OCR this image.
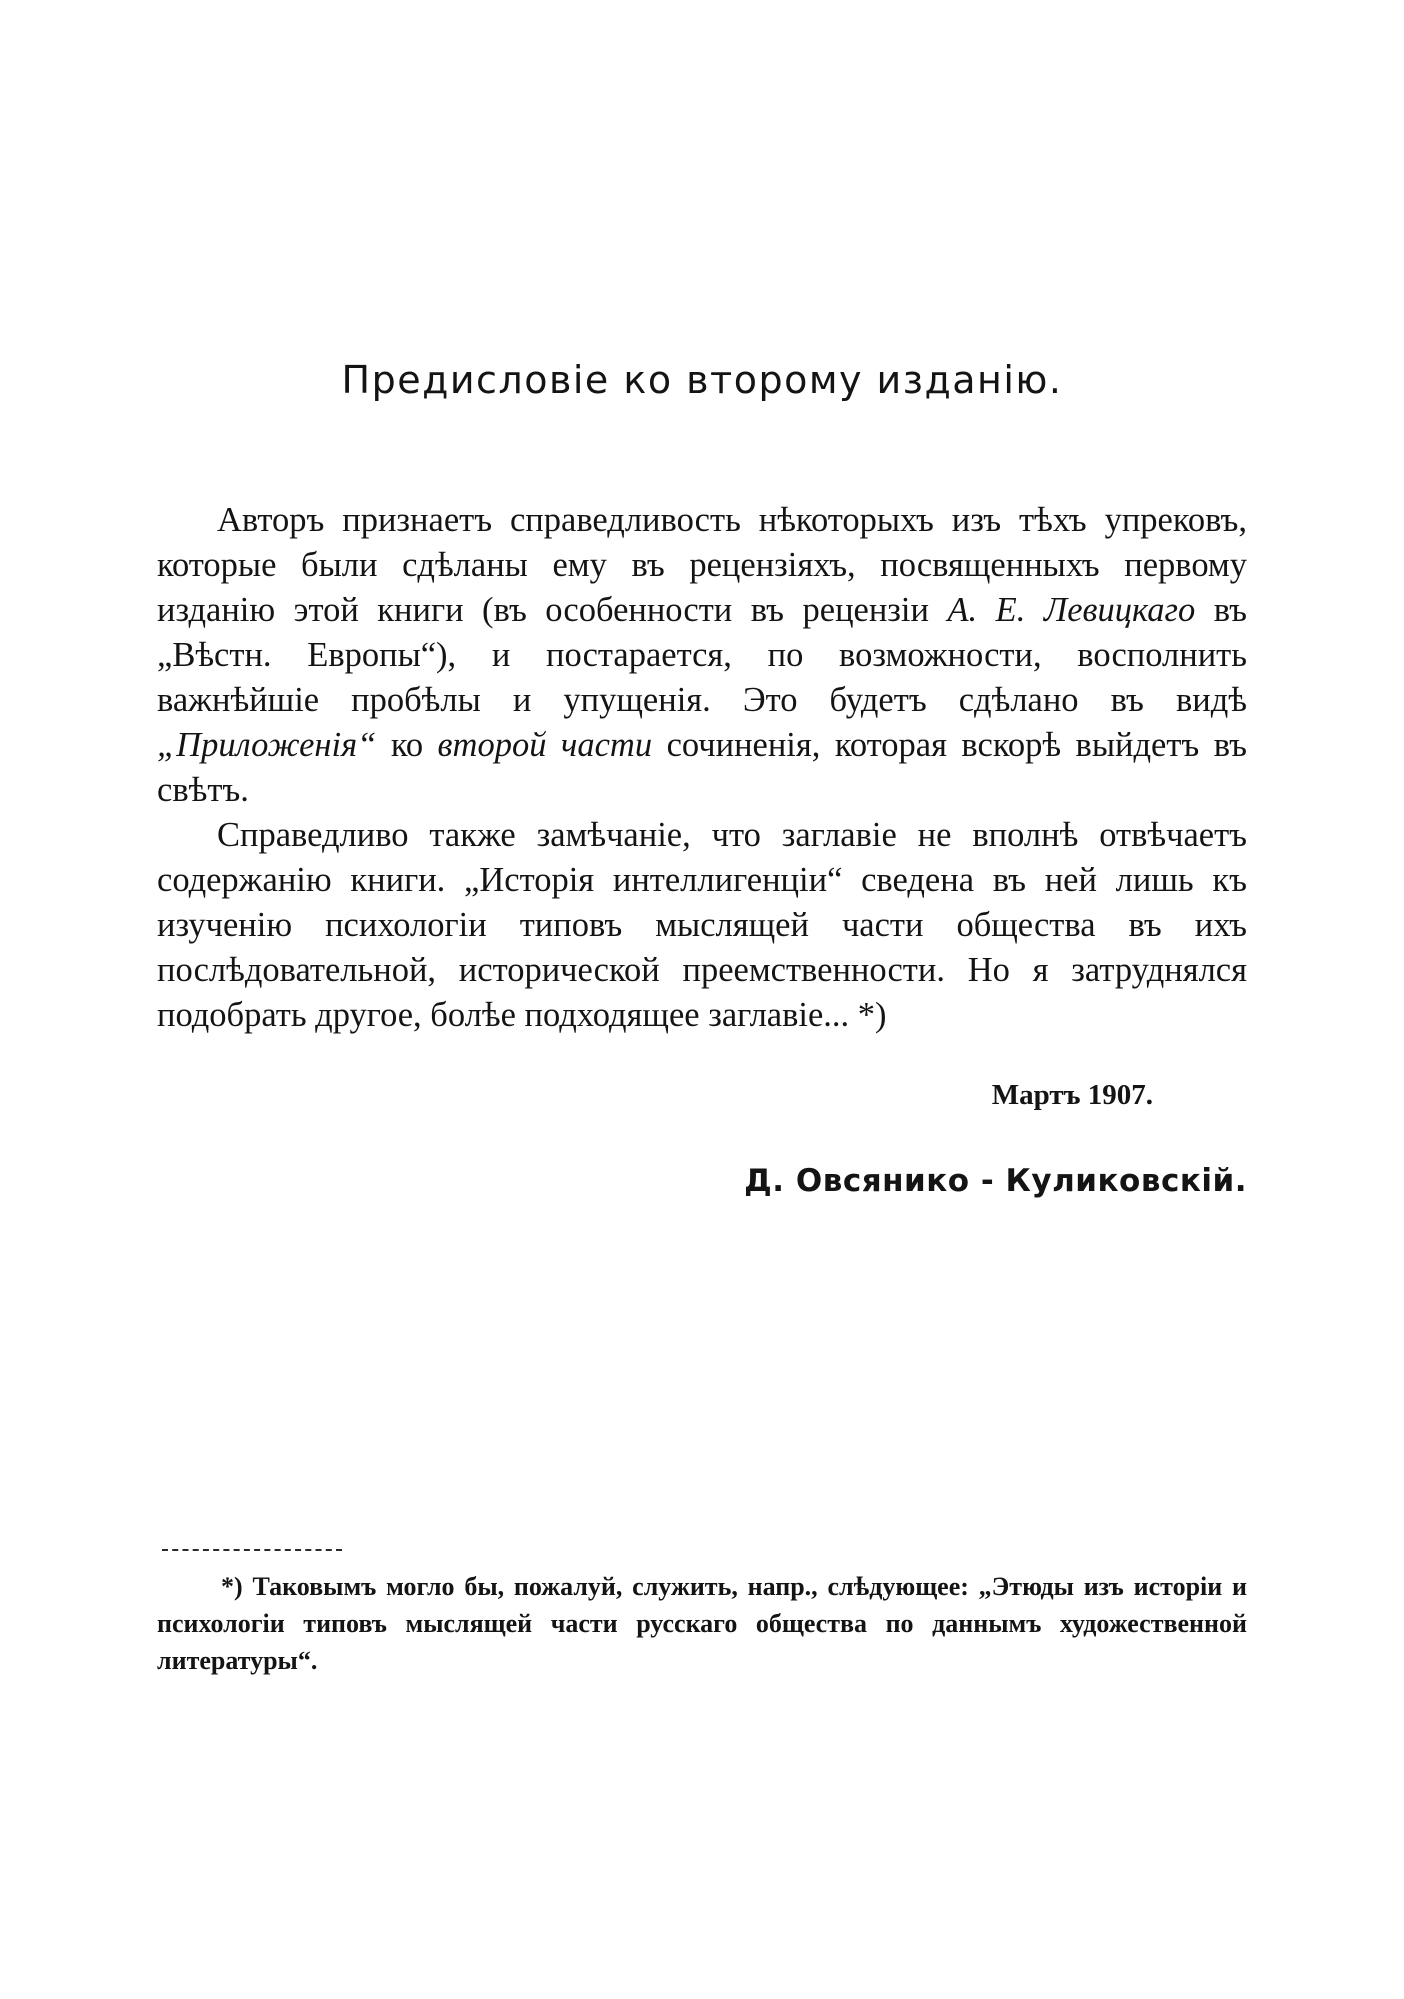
Предисловіе ко второму изданію.

Авторъ признаетъ справедливость нѣкоторыхъ изъ тѣхъ упрековъ, которые были сдѣланы ему въ рецензіяхъ, посвященныхъ первому изданію этой книги (въ особенности въ рецензіи А. Е. Левицкаго въ „Вѣстн. Европы“), и постарается, по возможности, восполнить важнѣйшіе пробѣлы и упущенія. Это будетъ сдѣлано въ видѣ „Приложенія“ ко второй части сочиненія, которая вскорѣ выйдетъ въ свѣтъ.

Справедливо также замѣчаніе, что заглавіе не вполнѣ отвѣчаетъ содержанію книги. „Исторія интеллигенціи“ сведена въ ней лишь къ изученію психологіи типовъ мыслящей части общества въ ихъ послѣдовательной, исторической преемственности. Но я затруднялся подобрать другое, болѣе подходящее заглавіе... *)

Мартъ 1907.
Д. Овсянико - Куликовскій.

*) Таковымъ могло бы, пожалуй, служить, напр., слѣдующее: „Этюды изъ исторіи и психологіи типовъ мыслящей части русскаго общества по даннымъ художественной литературы“.
